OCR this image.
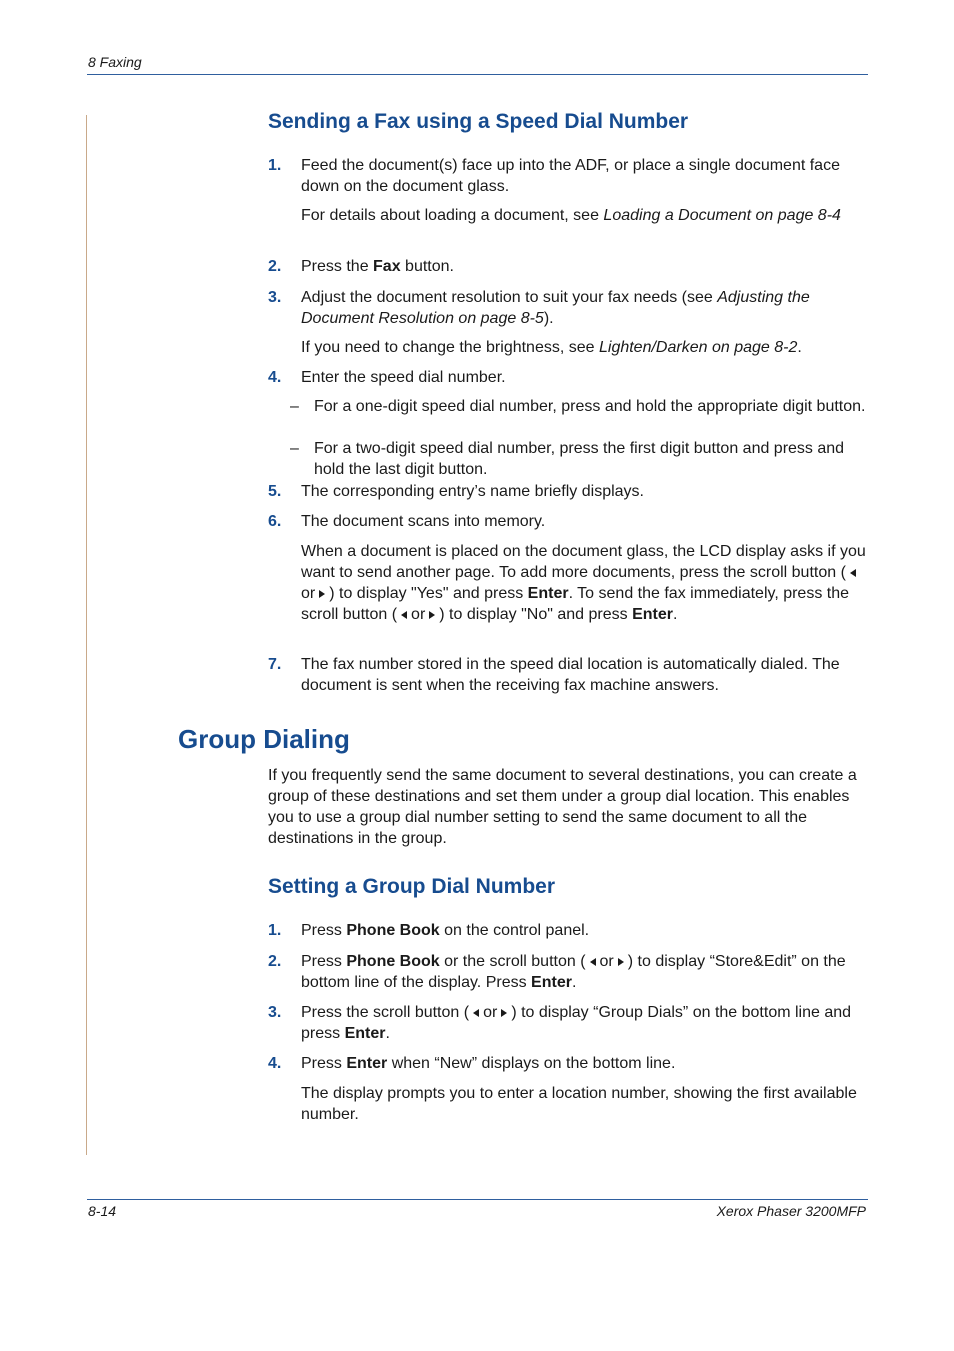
8 Faxing
Sending a Fax using a Speed Dial Number
1. Feed the document(s) face up into the ADF, or place a single document face down on the document glass.
For details about loading a document, see Loading a Document on page 8-4
2. Press the Fax button.
3. Adjust the document resolution to suit your fax needs (see Adjusting the Document Resolution on page 8-5).
If you need to change the brightness, see Lighten/Darken on page 8-2.
4. Enter the speed dial number.
– For a one-digit speed dial number, press and hold the appropriate digit button.
– For a two-digit speed dial number, press the first digit button and press and hold the last digit button.
5. The corresponding entry’s name briefly displays.
6. The document scans into memory.
When a document is placed on the document glass, the LCD display asks if you want to send another page. To add more documents, press the scroll button (or ) to display "Yes" and press Enter. To send the fax immediately, press the scroll button ( or ) to display "No" and press Enter.
7. The fax number stored in the speed dial location is automatically dialed. The document is sent when the receiving fax machine answers.
Group Dialing
If you frequently send the same document to several destinations, you can create a group of these destinations and set them under a group dial location. This enables you to use a group dial number setting to send the same document to all the destinations in the group.
Setting a Group Dial Number
1. Press Phone Book on the control panel.
2. Press Phone Book or the scroll button ( or ) to display “Store&Edit” on the bottom line of the display. Press Enter.
3. Press the scroll button ( or ) to display “Group Dials” on the bottom line and press Enter.
4. Press Enter when “New” displays on the bottom line.
The display prompts you to enter a location number, showing the first available number.
8-14	Xerox Phaser 3200MFP
